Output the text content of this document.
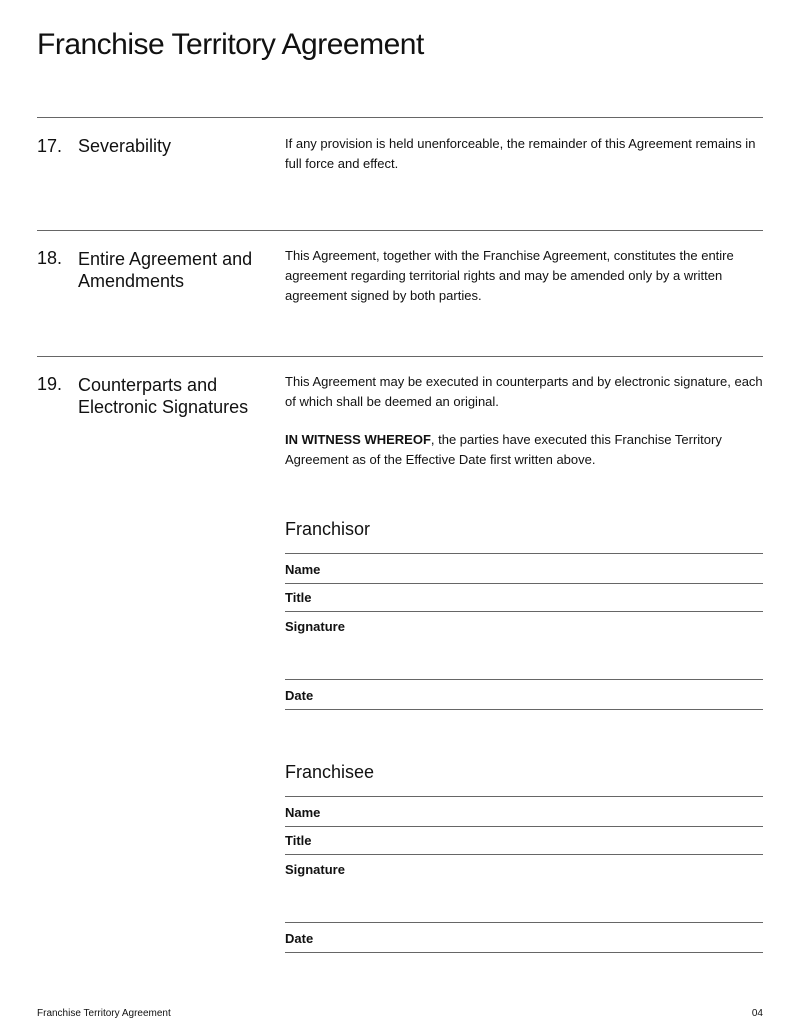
Franchise Territory Agreement
17. Severability	If any provision is held unenforceable, the remainder of this Agreement remains in full force and effect.

18. Entire Agreement and Amendments

This Agreement, together with the Franchise Agreement, constitutes the entire agreement regarding territorial rights and may be amended only by a written agreement signed by both parties.

19. Counterparts and Electronic Signatures

This Agreement may be executed in counterparts and by electronic signature, each of which shall be deemed an original.

IN WITNESS WHEREOF, the parties have executed this Franchise Territory Agreement as of the Effective Date first written above.

Franchisor
Name
Title
Signature
Date
Franchisee
Name
Title
Signature
Date
Franchise Territory Agreement	04
